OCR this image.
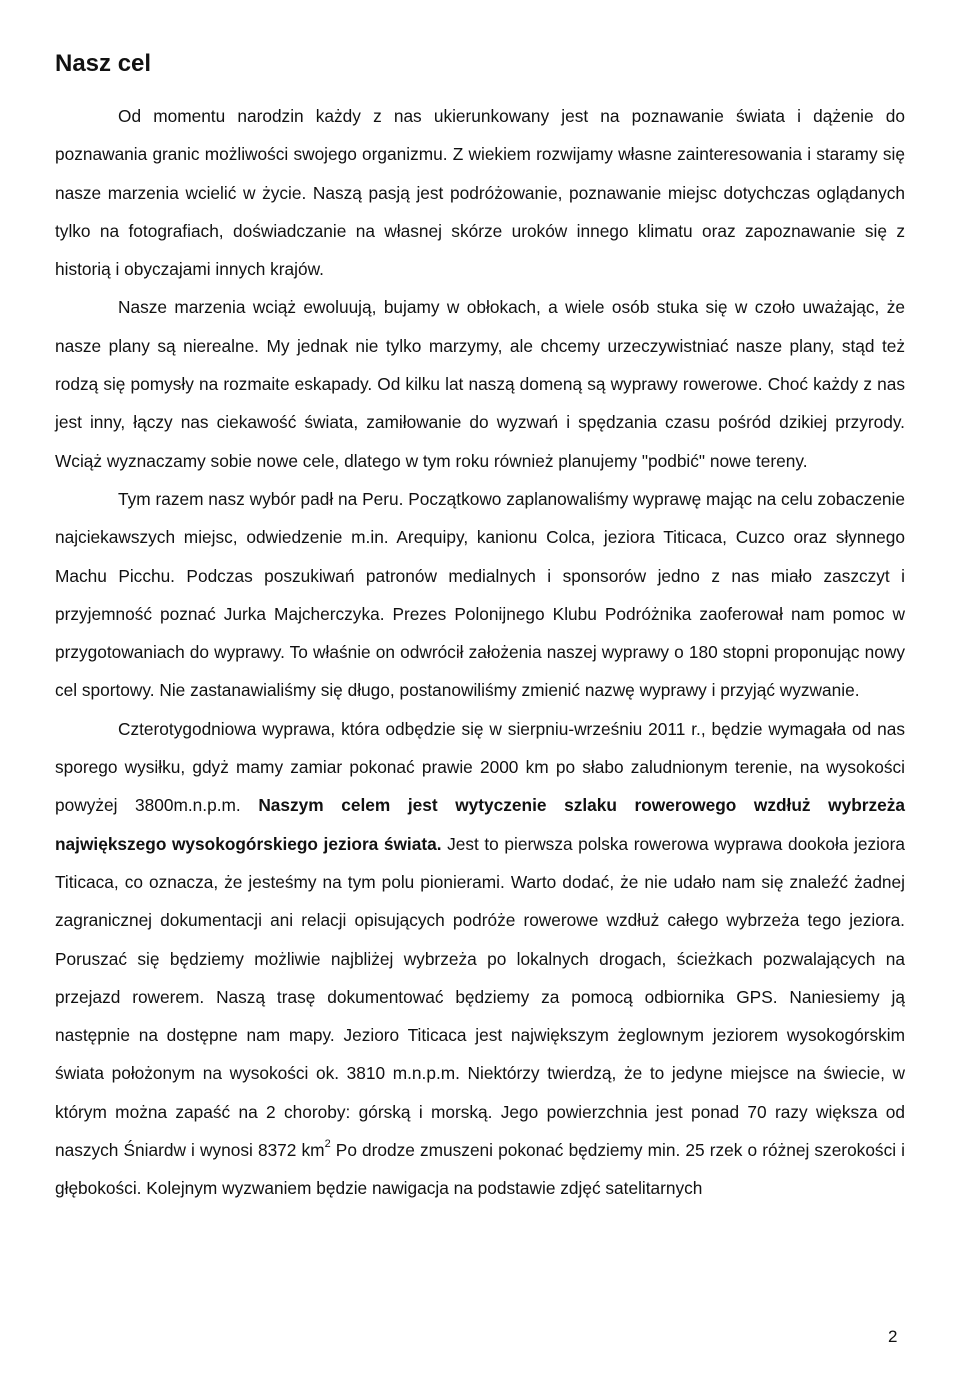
Nasz cel

Od momentu narodzin każdy z nas ukierunkowany jest na poznawanie świata i dążenie do poznawania granic możliwości swojego organizmu. Z wiekiem rozwijamy własne zainteresowania i staramy się nasze marzenia wcielić w życie. Naszą pasją jest podróżowanie, poznawanie miejsc dotychczas oglądanych tylko na fotografiach, doświadczanie na własnej skórze uroków innego klimatu oraz zapoznawanie się z historią i obyczajami innych krajów.

Nasze marzenia wciąż ewoluują, bujamy w obłokach, a wiele osób stuka się w czoło uważając, że nasze plany są nierealne. My jednak nie tylko marzymy, ale chcemy urzeczywistniać nasze plany, stąd też rodzą się pomysły na rozmaite eskapady. Od kilku lat naszą domeną są wyprawy rowerowe. Choć każdy z nas jest inny, łączy nas ciekawość świata, zamiłowanie do wyzwań i spędzania czasu pośród dzikiej przyrody. Wciąż wyznaczamy sobie nowe cele, dlatego w tym roku również planujemy "podbić" nowe tereny.

Tym razem nasz wybór padł na Peru. Początkowo zaplanowaliśmy wyprawę mając na celu zobaczenie najciekawszych miejsc, odwiedzenie m.in. Arequipy, kanionu Colca, jeziora Titicaca, Cuzco oraz słynnego Machu Picchu. Podczas poszukiwań patronów medialnych i sponsorów jedno z nas miało zaszczyt i przyjemność poznać Jurka Majcherczyka. Prezes Polonijnego Klubu Podróżnika zaoferował nam pomoc w przygotowaniach do wyprawy. To właśnie on odwrócił założenia naszej wyprawy o 180 stopni proponując nowy cel sportowy. Nie zastanawialiśmy się długo, postanowiliśmy zmienić nazwę wyprawy i przyjąć wyzwanie.

Czterotygodniowa wyprawa, która odbędzie się w sierpniu-wrześniu 2011 r., będzie wymagała od nas sporego wysiłku, gdyż mamy zamiar pokonać prawie 2000 km po słabo zaludnionym terenie, na wysokości powyżej 3800m.n.p.m. Naszym celem jest wytyczenie szlaku rowerowego wzdłuż wybrzeża największego wysokogórskiego jeziora świata. Jest to pierwsza polska rowerowa wyprawa dookoła jeziora Titicaca, co oznacza, że jesteśmy na tym polu pionierami. Warto dodać, że nie udało nam się znaleźć żadnej zagranicznej dokumentacji ani relacji opisujących podróże rowerowe wzdłuż całego wybrzeża tego jeziora. Poruszać się będziemy możliwie najbliżej wybrzeża po lokalnych drogach, ścieżkach pozwalających na przejazd rowerem. Naszą trasę dokumentować będziemy za pomocą odbiornika GPS. Naniesiemy ją następnie na dostępne nam mapy. Jezioro Titicaca jest największym żeglownym jeziorem wysokogórskim świata położonym na wysokości ok. 3810 m.n.p.m. Niektórzy twierdzą, że to jedyne miejsce na świecie, w którym można zapaść na 2 choroby: górską i morską. Jego powierzchnia jest ponad 70 razy większa od naszych Śniardw i wynosi 8372 $km^2$ Po drodze zmuszeni pokonać będziemy min. 25 rzek o różnej szerokości i głębokości. Kolejnym wyzwaniem będzie nawigacja na podstawie zdjęć satelitarnych

2
